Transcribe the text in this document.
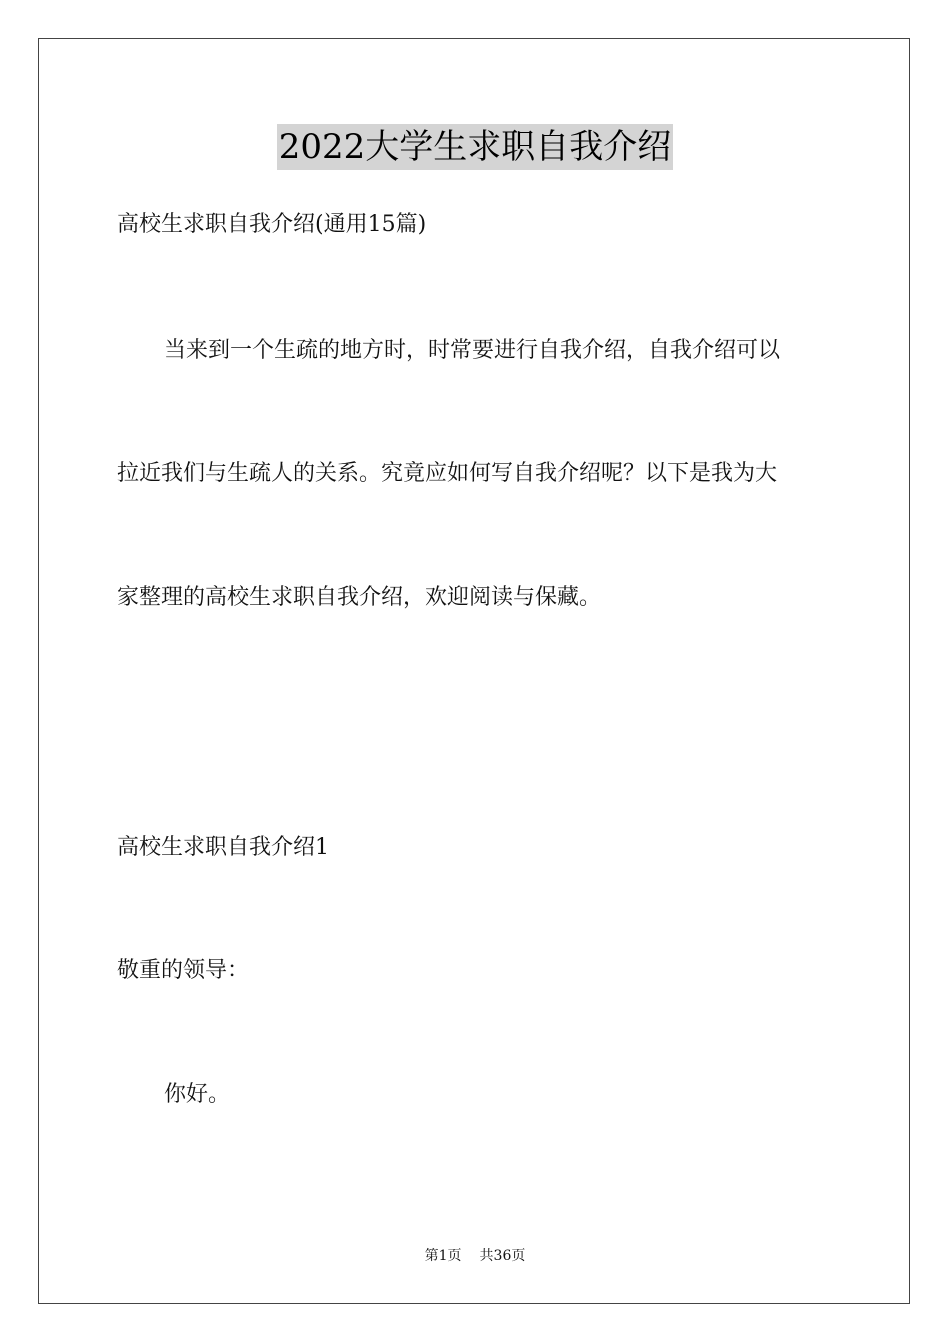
2022大学生求职自我介绍
高校生求职自我介绍(通用15篇)
当来到一个生疏的地方时，时常要进行自我介绍，自我介绍可以
拉近我们与生疏人的关系。究竟应如何写自我介绍呢？以下是我为大
家整理的高校生求职自我介绍，欢迎阅读与保藏。
高校生求职自我介绍1
敬重的领导：
你好。
第1页 共36页
